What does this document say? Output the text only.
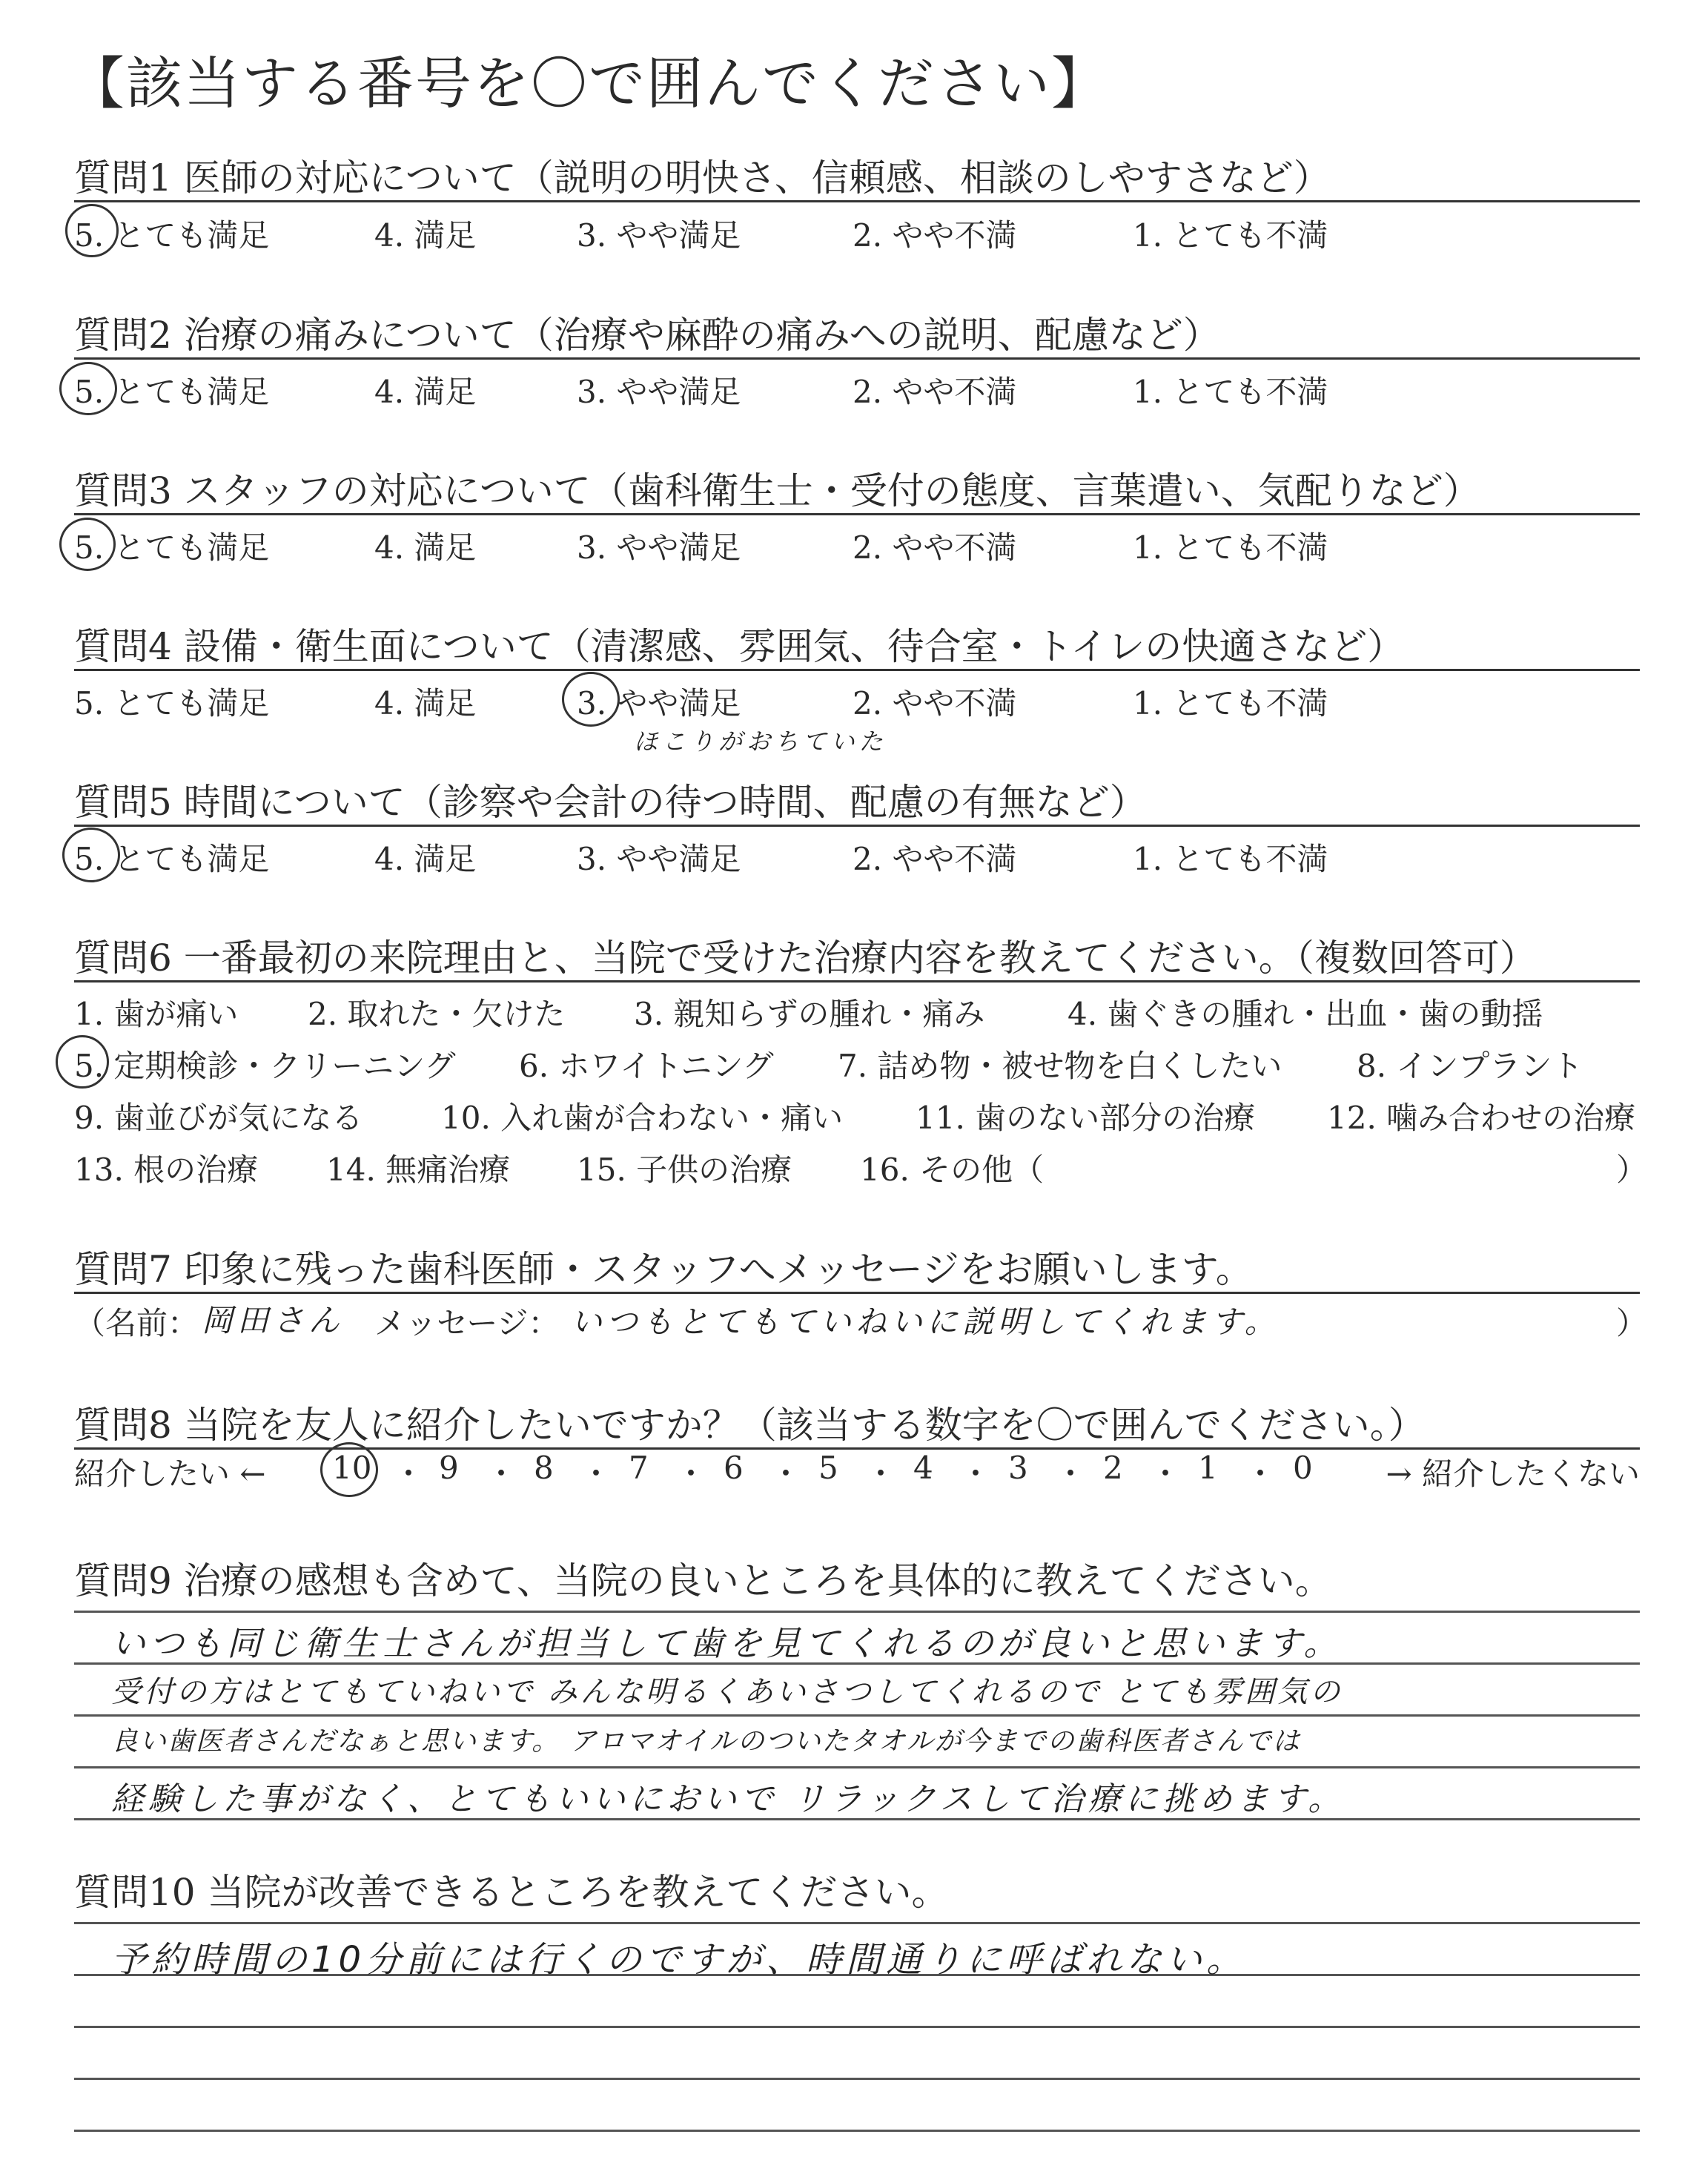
【該当する番号を〇で囲んでください】
質問1 医師の対応について（説明の明快さ、信頼感、相談のしやすさなど）
5. とても満足	4. 満足	3. やや満足	2. やや不満	1. とても不満
質問2 治療の痛みについて（治療や麻酔の痛みへの説明、配慮など）
5. とても満足	4. 満足	3. やや満足	2. やや不満	1. とても不満
質問3 スタッフの対応について（歯科衛生士・受付の態度、言葉遣い、気配りなど）
5. とても満足	4. 満足	3. やや満足	2. やや不満	1. とても不満
質問4 設備・衛生面について（清潔感、雰囲気、待合室・トイレの快適さなど）
5. とても満足	4. 満足	3. やや満足	2. やや不満	1. とても不満
ほこりがおちていた
質問5 時間について（診察や会計の待つ時間、配慮の有無など）
5. とても満足	4. 満足	3. やや満足	2. やや不満	1. とても不満
質問6 一番最初の来院理由と、当院で受けた治療内容を教えてください。（複数回答可）
1. 歯が痛い 2. 取れた・欠けた 3. 親知らずの腫れ・痛み	4. 歯ぐきの腫れ・出血・歯の動揺
5. 定期検診・クリーニング 6. ホワイトニング 7. 詰め物・被せ物を白くしたい 8. インプラント
9. 歯並びが気になる	10. 入れ歯が合わない・痛い 11. 歯のない部分の治療 12. 噛み合わせの治療
13. 根の治療 14. 無痛治療 15. 子供の治療 16. その他（	）
質問7 印象に残った歯科医師・スタッフへメッセージをお願いします。
（名前： 岡田さん メッセージ： いつもとてもていねいに説明してくれます。	）
質問8 当院を友人に紹介したいですか？（該当する数字を〇で囲んでください。）
紹介したい ← 10 ・ 9 ・ 8 ・ 7 ・ 6 ・ 5 ・ 4 ・ 3 ・ 2 ・ 1 ・ 0 → 紹介したくない
質問9 治療の感想も含めて、当院の良いところを具体的に教えてください。
いつも同じ衛生士さんが担当して歯を見てくれるのが良いと思います。
受付の方はとてもていねいで みんな明るくあいさつしてくれるので とても雰囲気の
良い歯医者さんだなぁと思います。 アロマオイルのついたタオルが今までの歯科医者さんでは
経験した事がなく、とてもいいにおいで リラックスして治療に挑めます。
質問10 当院が改善できるところを教えてください。
予約時間の10分前には行くのですが、時間通りに呼ばれない。
